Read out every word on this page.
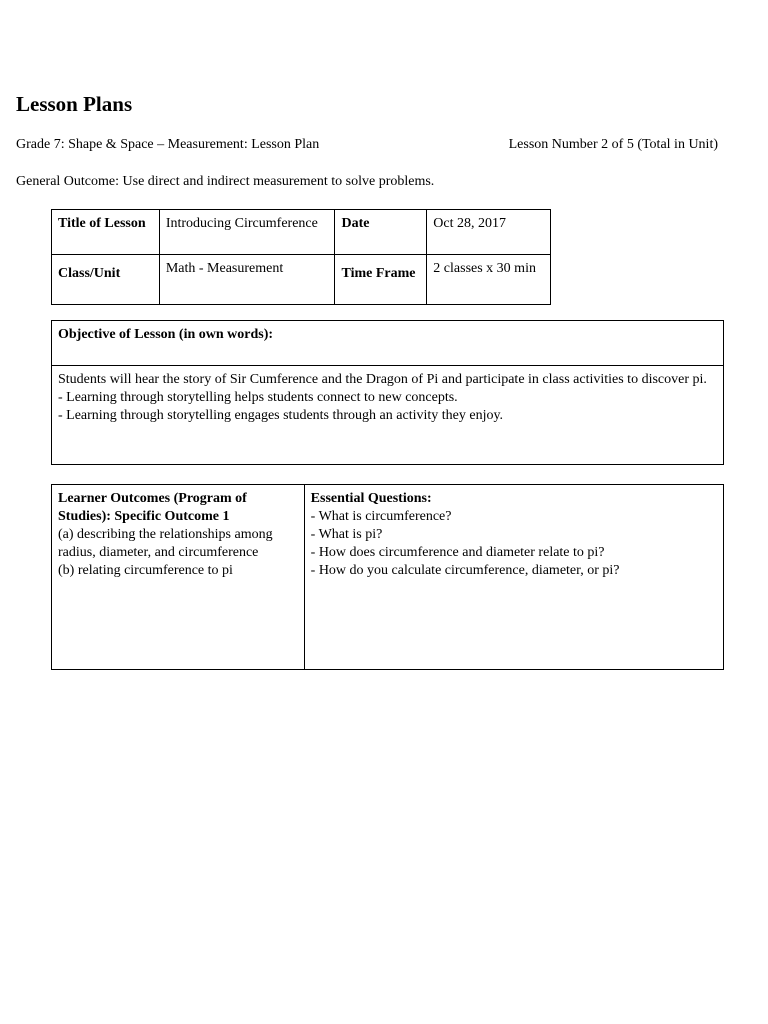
Lesson Plans
Grade 7: Shape & Space – Measurement: Lesson Plan	Lesson Number 2 of 5 (Total in Unit)
General Outcome: Use direct and indirect measurement to solve problems.
Title of Lesson	Introducing Circumference	Date	Oct 28, 2017
Class/Unit	Math - Measurement	Time Frame	2 classes x 30 min
Objective of Lesson (in own words):

Students will hear the story of Sir Cumference and the Dragon of Pi and participate in class activities to discover pi.
- Learning through storytelling helps students connect to new concepts.
- Learning through storytelling engages students through an activity they enjoy.
Learner Outcomes (Program of Studies): Specific Outcome 1
(a) describing the relationships among radius, diameter, and circumference
(b) relating circumference to pi

Essential Questions:
- What is circumference?
- What is pi?
- How does circumference and diameter relate to pi?
- How do you calculate circumference, diameter, or pi?
